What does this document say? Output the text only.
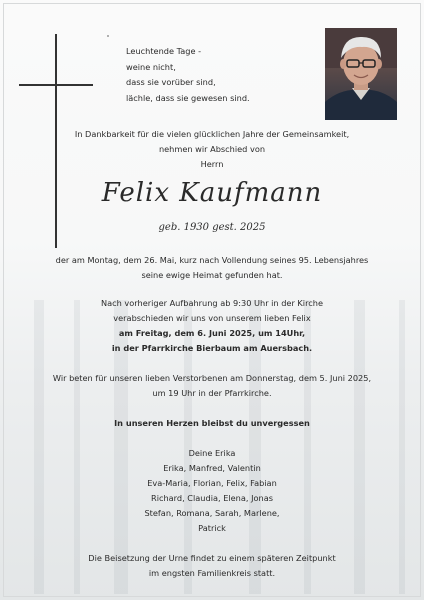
Leuchtende Tage -
weine nicht,
dass sie vorüber sind,
lächle, dass sie gewesen sind.
In Dankbarkeit für die vielen glücklichen Jahre der Gemeinsamkeit,
nehmen wir Abschied von
Herrn
Felix Kaufmann
geb. 1930 gest. 2025
der am Montag, dem 26. Mai, kurz nach Vollendung seines 95. Lebensjahres
seine ewige Heimat gefunden hat.
Nach vorheriger Aufbahrung ab 9:30 Uhr in der Kirche
verabschieden wir uns von unserem lieben Felix
am Freitag, dem 6. Juni 2025, um 14Uhr,
in der Pfarrkirche Bierbaum am Auersbach.
Wir beten für unseren lieben Verstorbenen am Donnerstag, dem 5. Juni 2025,
um 19 Uhr in der Pfarrkirche.
In unseren Herzen bleibst du unvergessen
Deine Erika
Erika, Manfred, Valentin
Eva-Maria, Florian, Felix, Fabian
Richard, Claudia, Elena, Jonas
Stefan, Romana, Sarah, Marlene,
Patrick
Die Beisetzung der Urne findet zu einem späteren Zeitpunkt
im engsten Familienkreis statt.
